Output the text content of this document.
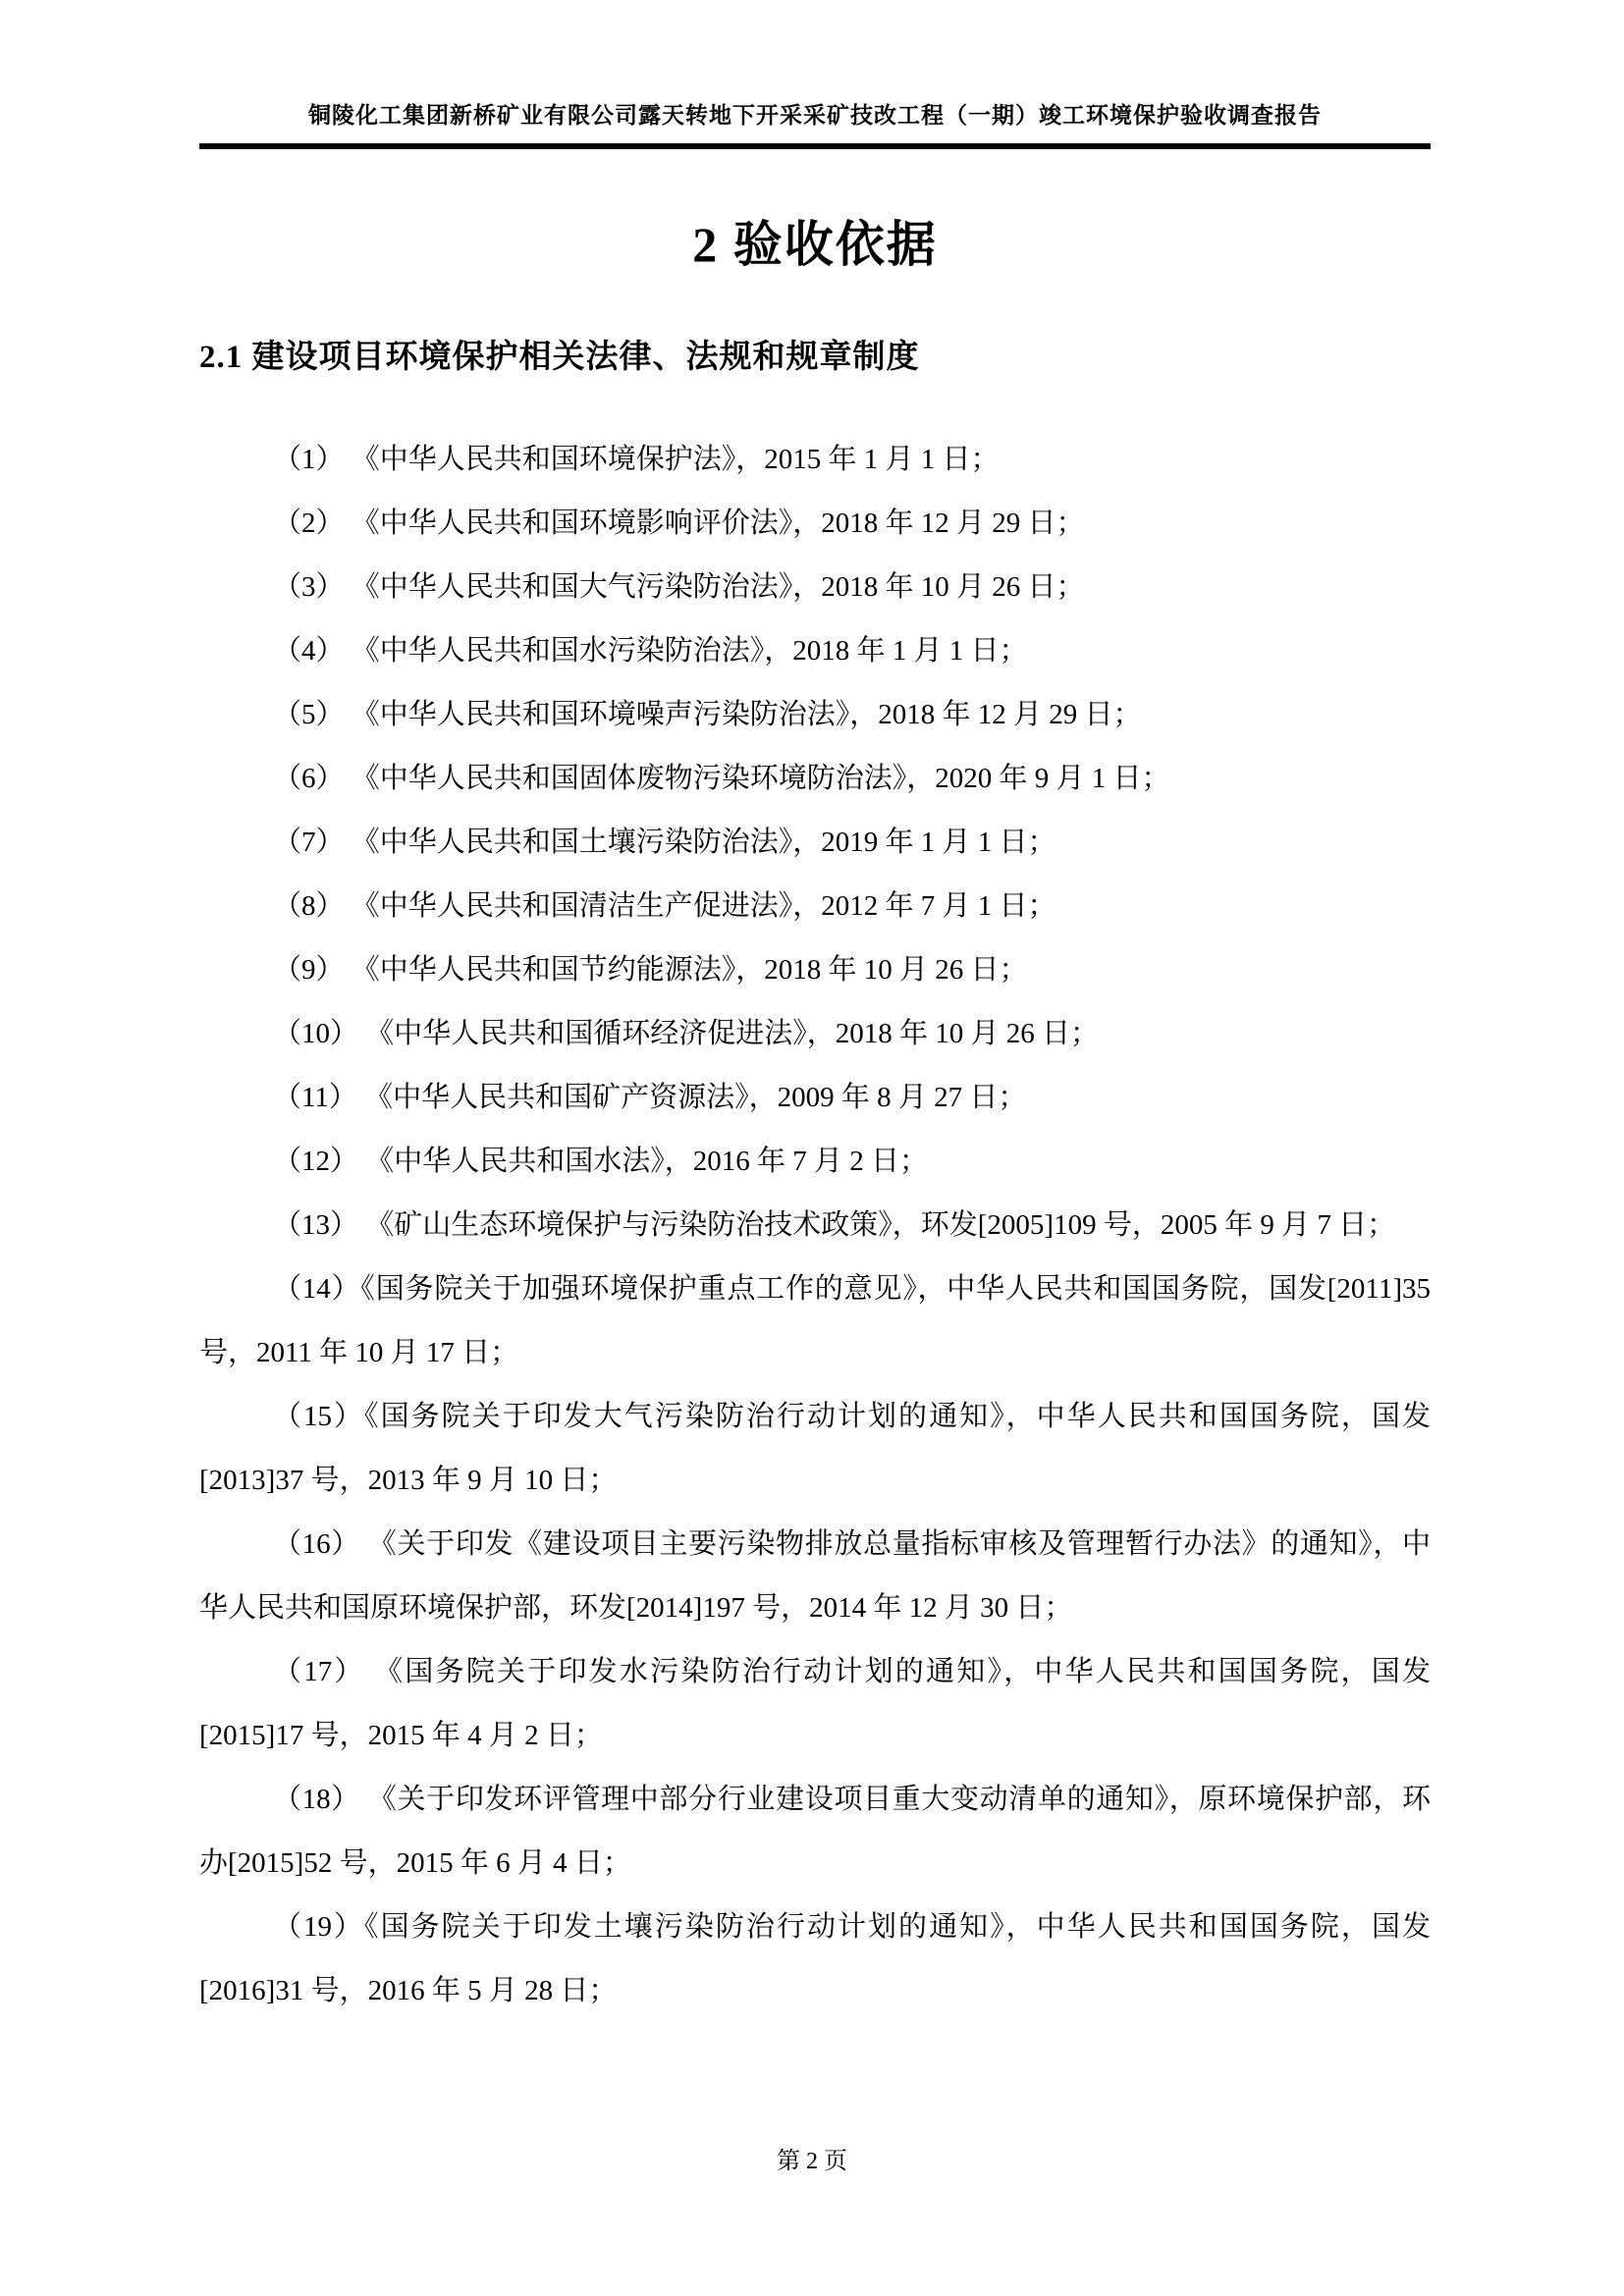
铜陵化工集团新桥矿业有限公司露天转地下开采采矿技改工程（一期）竣工环境保护验收调查报告
2 验收依据
2.1 建设项目环境保护相关法律、法规和规章制度

（1） 《中华人民共和国环境保护法》，2015 年 1 月 1 日；

（2） 《中华人民共和国环境影响评价法》，2018 年 12 月 29 日；

（3） 《中华人民共和国大气污染防治法》，2018 年 10 月 26 日；

（4） 《中华人民共和国水污染防治法》，2018 年 1 月 1 日；

（5） 《中华人民共和国环境噪声污染防治法》，2018 年 12 月 29 日；

（6） 《中华人民共和国固体废物污染环境防治法》，2020 年 9 月 1 日；

（7） 《中华人民共和国土壤污染防治法》，2019 年 1 月 1 日；

（8） 《中华人民共和国清洁生产促进法》，2012 年 7 月 1 日；

（9） 《中华人民共和国节约能源法》，2018 年 10 月 26 日；

（10） 《中华人民共和国循环经济促进法》，2018 年 10 月 26 日；

（11） 《中华人民共和国矿产资源法》，2009 年 8 月 27 日；

（12） 《中华人民共和国水法》，2016 年 7 月 2 日；

（13） 《矿山生态环境保护与污染防治技术政策》，环发[2005]109 号，2005 年 9 月 7 日；

（14）《国务院关于加强环境保护重点工作的意见》，中华人民共和国国务院，国发[2011]35 号，2011 年 10 月 17 日；

（15）《国务院关于印发大气污染防治行动计划的通知》，中华人民共和国国务院，国发[2013]37 号，2013 年 9 月 10 日；

（16） 《关于印发《建设项目主要污染物排放总量指标审核及管理暂行办法》的通知》，中华人民共和国原环境保护部，环发[2014]197 号，2014 年 12 月 30 日；

（17） 《国务院关于印发水污染防治行动计划的通知》，中华人民共和国国务院，国发[2015]17 号，2015 年 4 月 2 日；

（18） 《关于印发环评管理中部分行业建设项目重大变动清单的通知》，原环境保护部，环办[2015]52 号，2015 年 6 月 4 日；

（19）《国务院关于印发土壤污染防治行动计划的通知》，中华人民共和国国务院，国发[2016]31 号，2016 年 5 月 28 日；

第 2 页
